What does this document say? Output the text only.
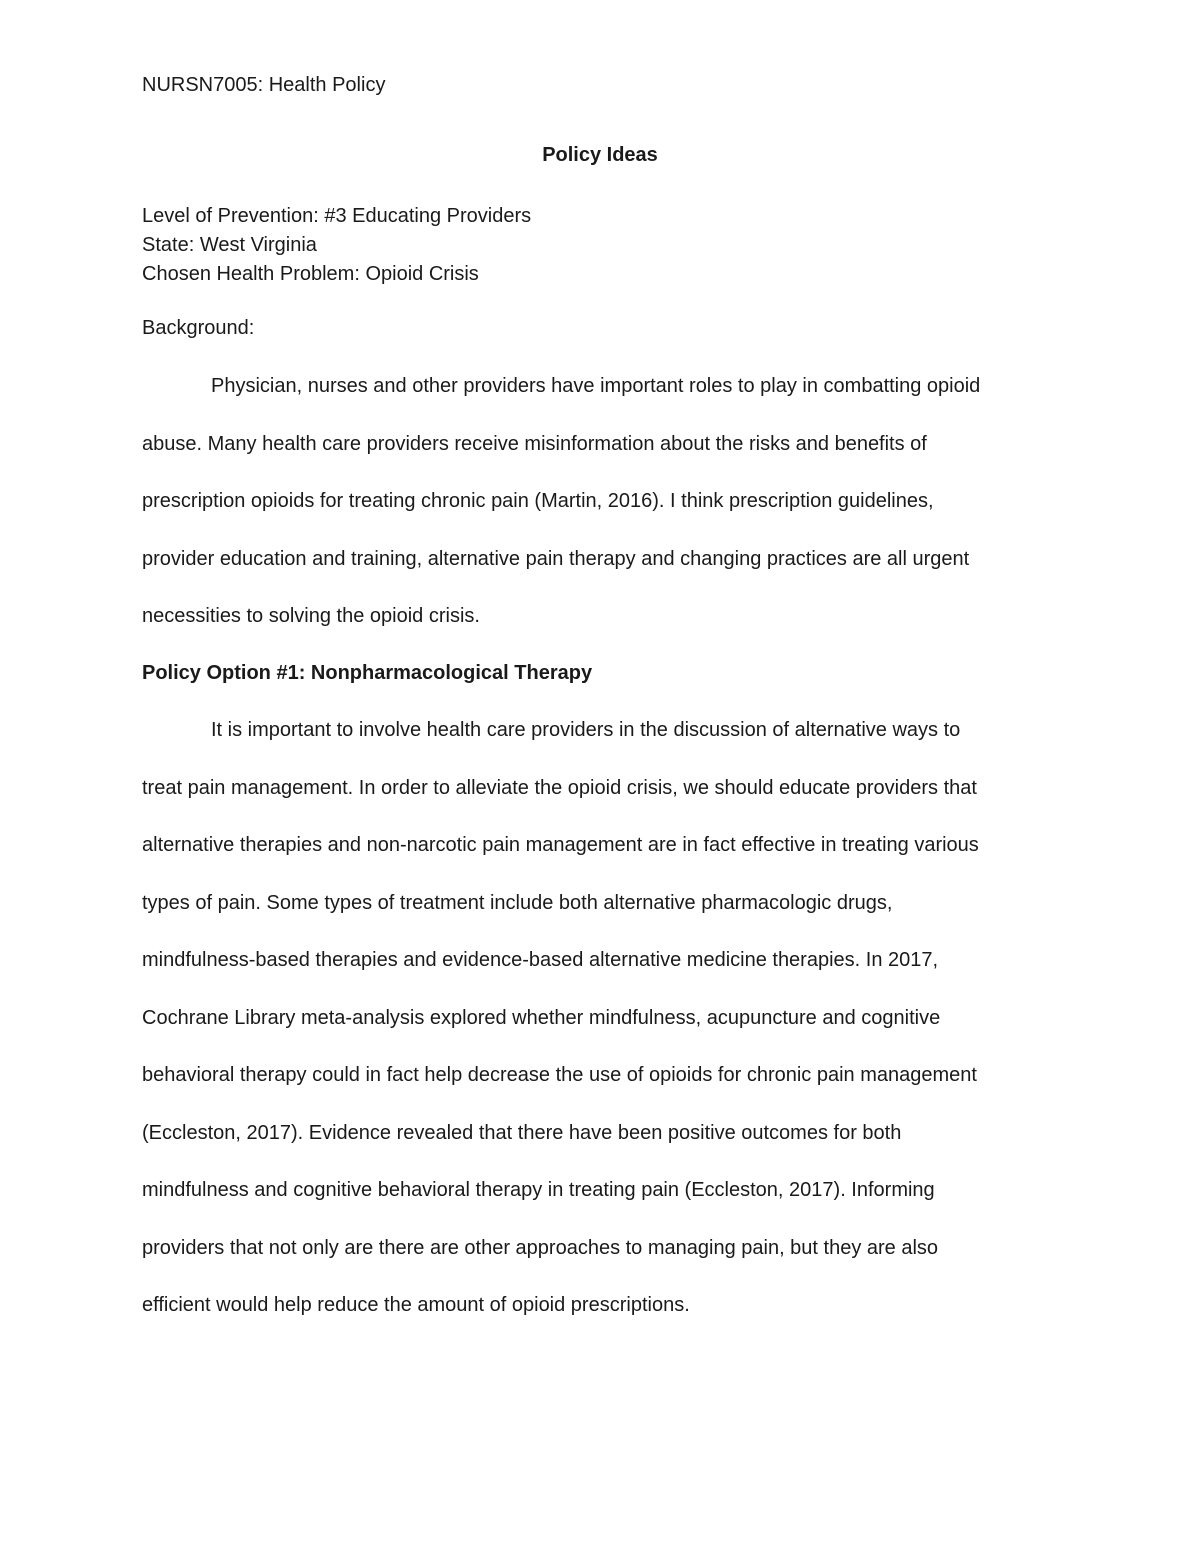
NURSN7005: Health Policy
Policy Ideas
Level of Prevention: #3 Educating Providers
State: West Virginia
Chosen Health Problem: Opioid Crisis
Background:
Physician, nurses and other providers have important roles to play in combatting opioid
abuse. Many health care providers receive misinformation about the risks and benefits of
prescription opioids for treating chronic pain (Martin, 2016). I think prescription guidelines,
provider education and training, alternative pain therapy and changing practices are all urgent
necessities to solving the opioid crisis.
Policy Option #1: Nonpharmacological Therapy
It is important to involve health care providers in the discussion of alternative ways to
treat pain management. In order to alleviate the opioid crisis, we should educate providers that
alternative therapies and non-narcotic pain management are in fact effective in treating various
types of pain. Some types of treatment include both alternative pharmacologic drugs,
mindfulness-based therapies and evidence-based alternative medicine therapies. In 2017,
Cochrane Library meta-analysis explored whether mindfulness, acupuncture and cognitive
behavioral therapy could in fact help decrease the use of opioids for chronic pain management
(Eccleston, 2017). Evidence revealed that there have been positive outcomes for both
mindfulness and cognitive behavioral therapy in treating pain (Eccleston, 2017). Informing
providers that not only are there are other approaches to managing pain, but they are also
efficient would help reduce the amount of opioid prescriptions.
